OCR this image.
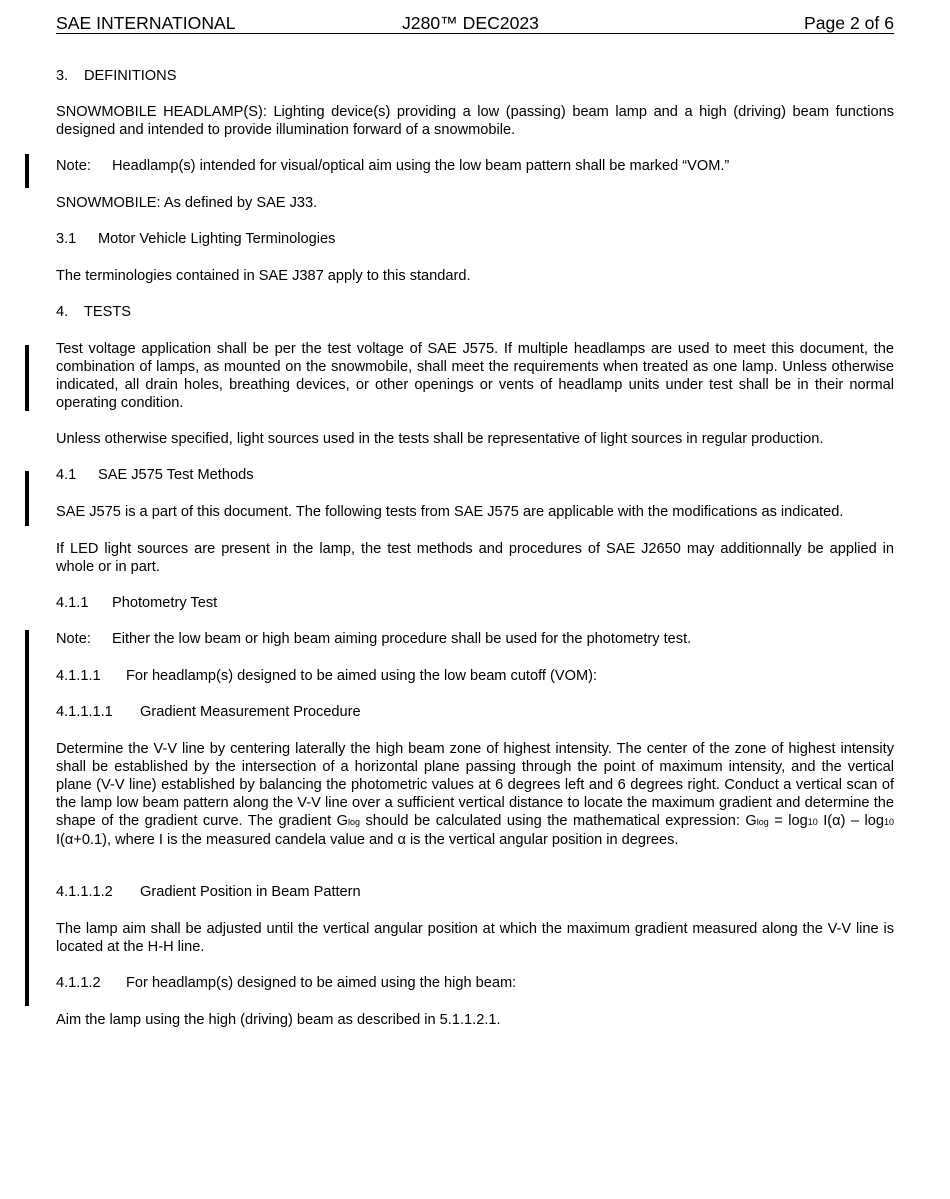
SAE INTERNATIONAL	J280™ DEC2023	Page 2 of 6
3. DEFINITIONS

SNOWMOBILE HEADLAMP(S): Lighting device(s) providing a low (passing) beam lamp and a high (driving) beam functions designed and intended to provide illumination forward of a snowmobile.

Note: Headlamp(s) intended for visual/optical aim using the low beam pattern shall be marked “VOM.”

SNOWMOBILE: As defined by SAE J33.

3.1 Motor Vehicle Lighting Terminologies

The terminologies contained in SAE J387 apply to this standard.

4. TESTS

Test voltage application shall be per the test voltage of SAE J575. If multiple headlamps are used to meet this document, the combination of lamps, as mounted on the snowmobile, shall meet the requirements when treated as one lamp. Unless otherwise indicated, all drain holes, breathing devices, or other openings or vents of headlamp units under test shall be in their normal operating condition.

Unless otherwise specified, light sources used in the tests shall be representative of light sources in regular production.

4.1 SAE J575 Test Methods

SAE J575 is a part of this document. The following tests from SAE J575 are applicable with the modifications as indicated.

If LED light sources are present in the lamp, the test methods and procedures of SAE J2650 may additionnally be applied in whole or in part.

4.1.1 Photometry Test
Note: Either the low beam or high beam aiming procedure shall be used for the photometry test.
4.1.1.1 For headlamp(s) designed to be aimed using the low beam cutoff (VOM):
4.1.1.1.1 Gradient Measurement Procedure

Determine the V-V line by centering laterally the high beam zone of highest intensity. The center of the zone of highest intensity shall be established by the intersection of a horizontal plane passing through the point of maximum intensity, and the vertical plane (V-V line) established by balancing the photometric values at 6 degrees left and 6 degrees right. Conduct a vertical scan of the lamp low beam pattern along the V-V line over a sufficient vertical distance to locate the maximum gradient and determine the shape of the gradient curve. The gradient Glog should be calculated using the mathematical expression: Glog = log10 I(α) – log10 I(α+0.1), where I is the measured candela value and α is the vertical angular position in degrees.

4.1.1.1.2 Gradient Position in Beam Pattern

The lamp aim shall be adjusted until the vertical angular position at which the maximum gradient measured along the V-V line is located at the H-H line.

4.1.1.2 For headlamp(s) designed to be aimed using the high beam:

Aim the lamp using the high (driving) beam as described in 5.1.1.2.1.
